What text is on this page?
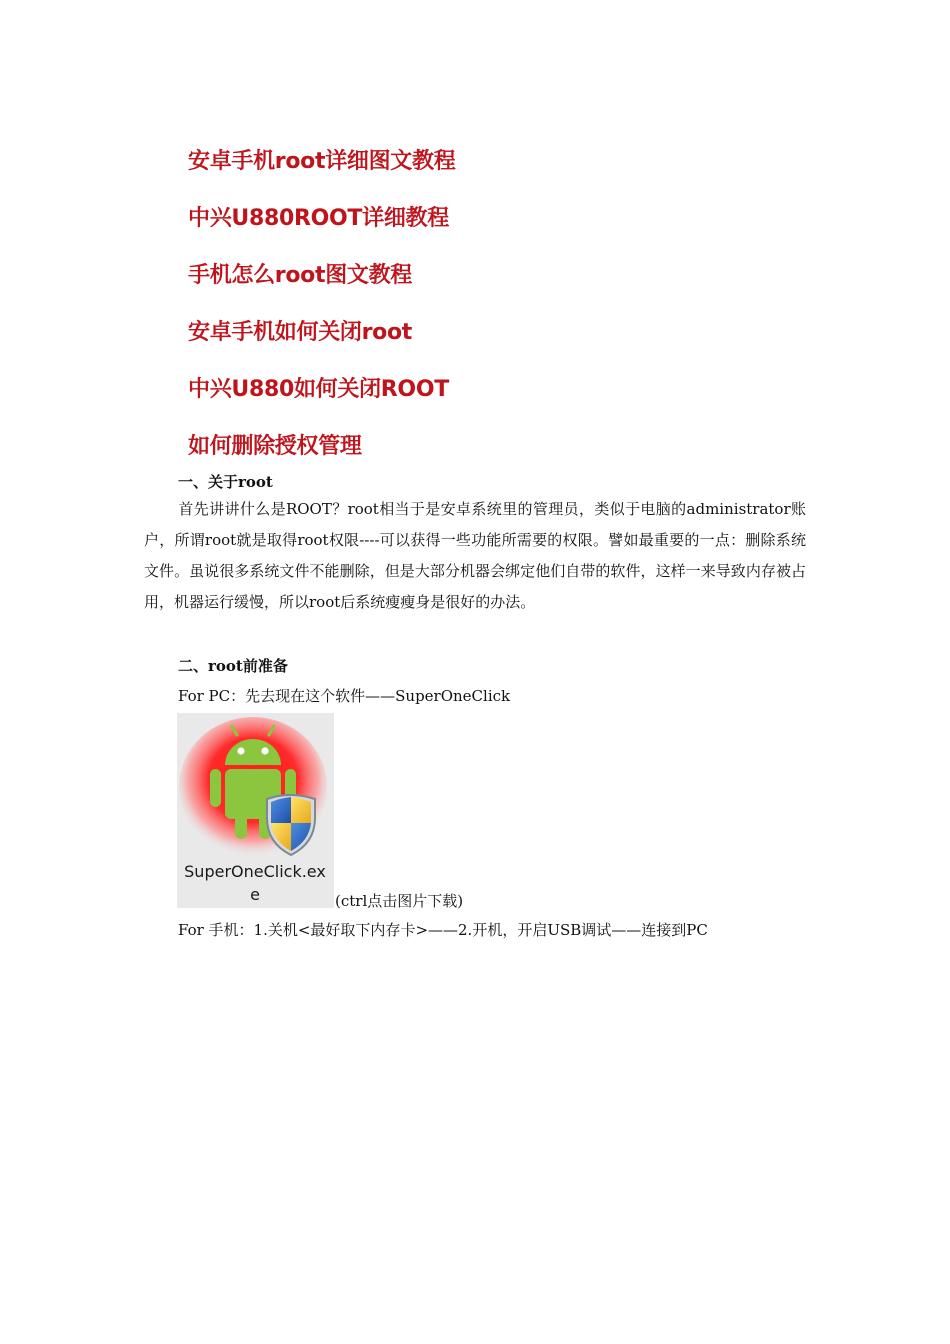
安卓手机root详细图文教程
中兴U880ROOT详细教程
手机怎么root图文教程
安卓手机如何关闭root
中兴U880如何关闭ROOT
如何删除授权管理
一、关于root
首先讲讲什么是ROOT？root相当于是安卓系统里的管理员，类似于电脑的administrator账户，所谓root就是取得root权限----可以获得一些功能所需要的权限。譬如最重要的一点：删除系统文件。虽说很多系统文件不能删除，但是大部分机器会绑定他们自带的软件，这样一来导致内存被占用，机器运行缓慢，所以root后系统瘦瘦身是很好的办法。
二、root前准备
For PC：先去现在这个软件——SuperOneClick
SuperOneClick.ex
e	(ctrl点击图片下载)
For 手机：1.关机<最好取下内存卡>——2.开机，开启USB调试——连接到PC
